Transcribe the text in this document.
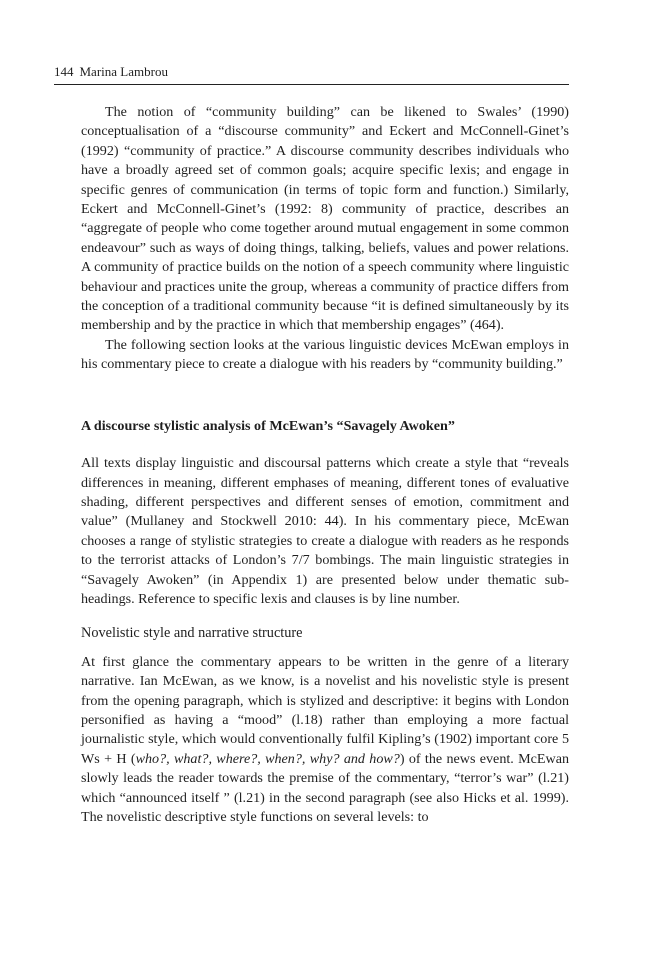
144 Marina Lambrou

The notion of “community building” can be likened to Swales’ (1990) conceptualisation of a “discourse community” and Eckert and McConnell-Ginet’s (1992) “community of practice.” A discourse community describes individuals who have a broadly agreed set of common goals; acquire specific lexis; and engage in specific genres of communication (in terms of topic form and function.) Similarly, Eckert and McConnell-Ginet’s (1992: 8) community of practice, describes an “aggregate of people who come together around mutual engagement in some common endeavour” such as ways of doing things, talking, beliefs, values and power relations. A community of practice builds on the notion of a speech community where linguistic behaviour and practices unite the group, whereas a community of practice differs from the conception of a traditional community because “it is defined simultaneously by its membership and by the practice in which that membership engages” (464).

The following section looks at the various linguistic devices McEwan employs in his commentary piece to create a dialogue with his readers by “community building.”

A discourse stylistic analysis of McEwan’s “Savagely Awoken”

All texts display linguistic and discoursal patterns which create a style that “reveals differences in meaning, different emphases of meaning, different tones of evaluative shading, different perspectives and different senses of emotion, commitment and value” (Mullaney and Stockwell 2010: 44). In his commentary piece, McEwan chooses a range of stylistic strategies to create a dialogue with readers as he responds to the terrorist attacks of London’s 7/7 bombings. The main linguistic strategies in “Savagely Awoken” (in Appendix 1) are presented below under thematic sub-headings. Reference to specific lexis and clauses is by line number.

Novelistic style and narrative structure

At first glance the commentary appears to be written in the genre of a literary narrative. Ian McEwan, as we know, is a novelist and his novelistic style is present from the opening paragraph, which is stylized and descriptive: it begins with London personified as having a “mood” (l.18) rather than employing a more factual journalistic style, which would conventionally fulfil Kipling’s (1902) important core 5 Ws + H (who?, what?, where?, when?, why? and how?) of the news event. McEwan slowly leads the reader towards the premise of the commentary, “terror’s war” (l.21) which “announced itself ” (l.21) in the second paragraph (see also Hicks et al. 1999). The novelistic descriptive style functions on several levels: to
